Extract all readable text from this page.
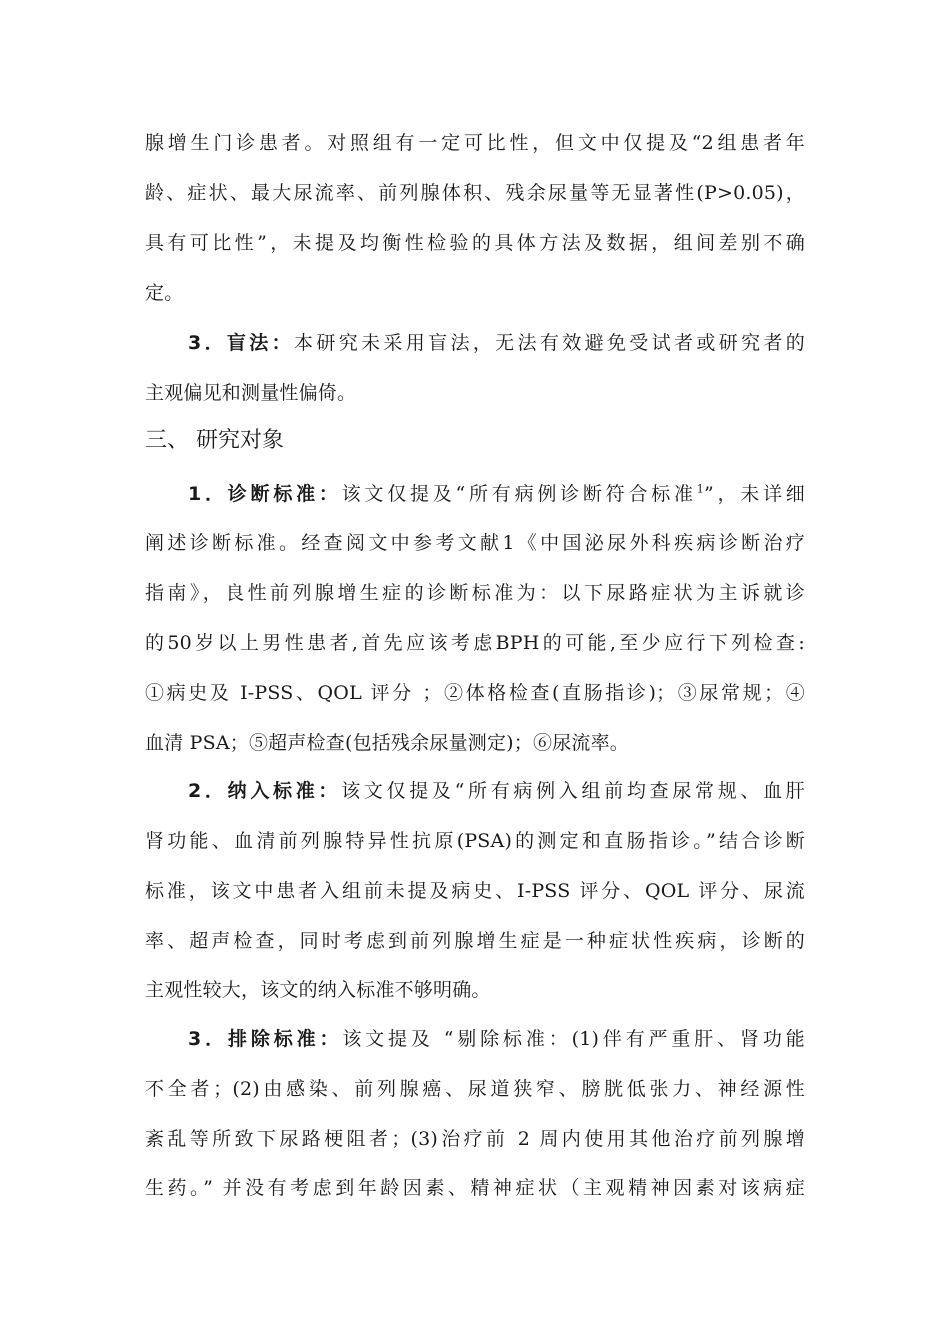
腺增生门诊患者。对照组有一定可比性，但文中仅提及“2组患者年
龄、症状、最大尿流率、前列腺体积、残余尿量等无显著性(P>0.05)，
具有可比性”，未提及均衡性检验的具体方法及数据，组间差别不确
定。
3．盲法：本研究未采用盲法，无法有效避免受试者或研究者的
主观偏见和测量性偏倚。
三、 研究对象
1．诊断标准：该文仅提及“所有病例诊断符合标准$^1$”，未详细
阐述诊断标准。经查阅文中参考文献1《中国泌尿外科疾病诊断治疗
指南》，良性前列腺增生症的诊断标准为：以下尿路症状为主诉就诊
的50岁以上男性患者,首先应该考虑BPH的可能,至少应行下列检查:
①病史及 I-PSS、QOL 评分 ；②体格检查(直肠指诊)；③尿常规；④
血清 PSA；⑤超声检查(包括残余尿量测定)；⑥尿流率。
2．纳入标准：该文仅提及“所有病例入组前均查尿常规、血肝
肾功能、血清前列腺特异性抗原(PSA)的测定和直肠指诊。”结合诊断
标准，该文中患者入组前未提及病史、I-PSS 评分、QOL 评分、尿流
率、超声检查，同时考虑到前列腺增生症是一种症状性疾病，诊断的
主观性较大，该文的纳入标准不够明确。
3．排除标准：该文提及 “剔除标准：(1)伴有严重肝、肾功能
不全者；(2)由感染、前列腺癌、尿道狭窄、膀胱低张力、神经源性
紊乱等所致下尿路梗阻者；(3)治疗前 2 周内使用其他治疗前列腺增
生药。” 并没有考虑到年龄因素、精神症状（主观精神因素对该病症
